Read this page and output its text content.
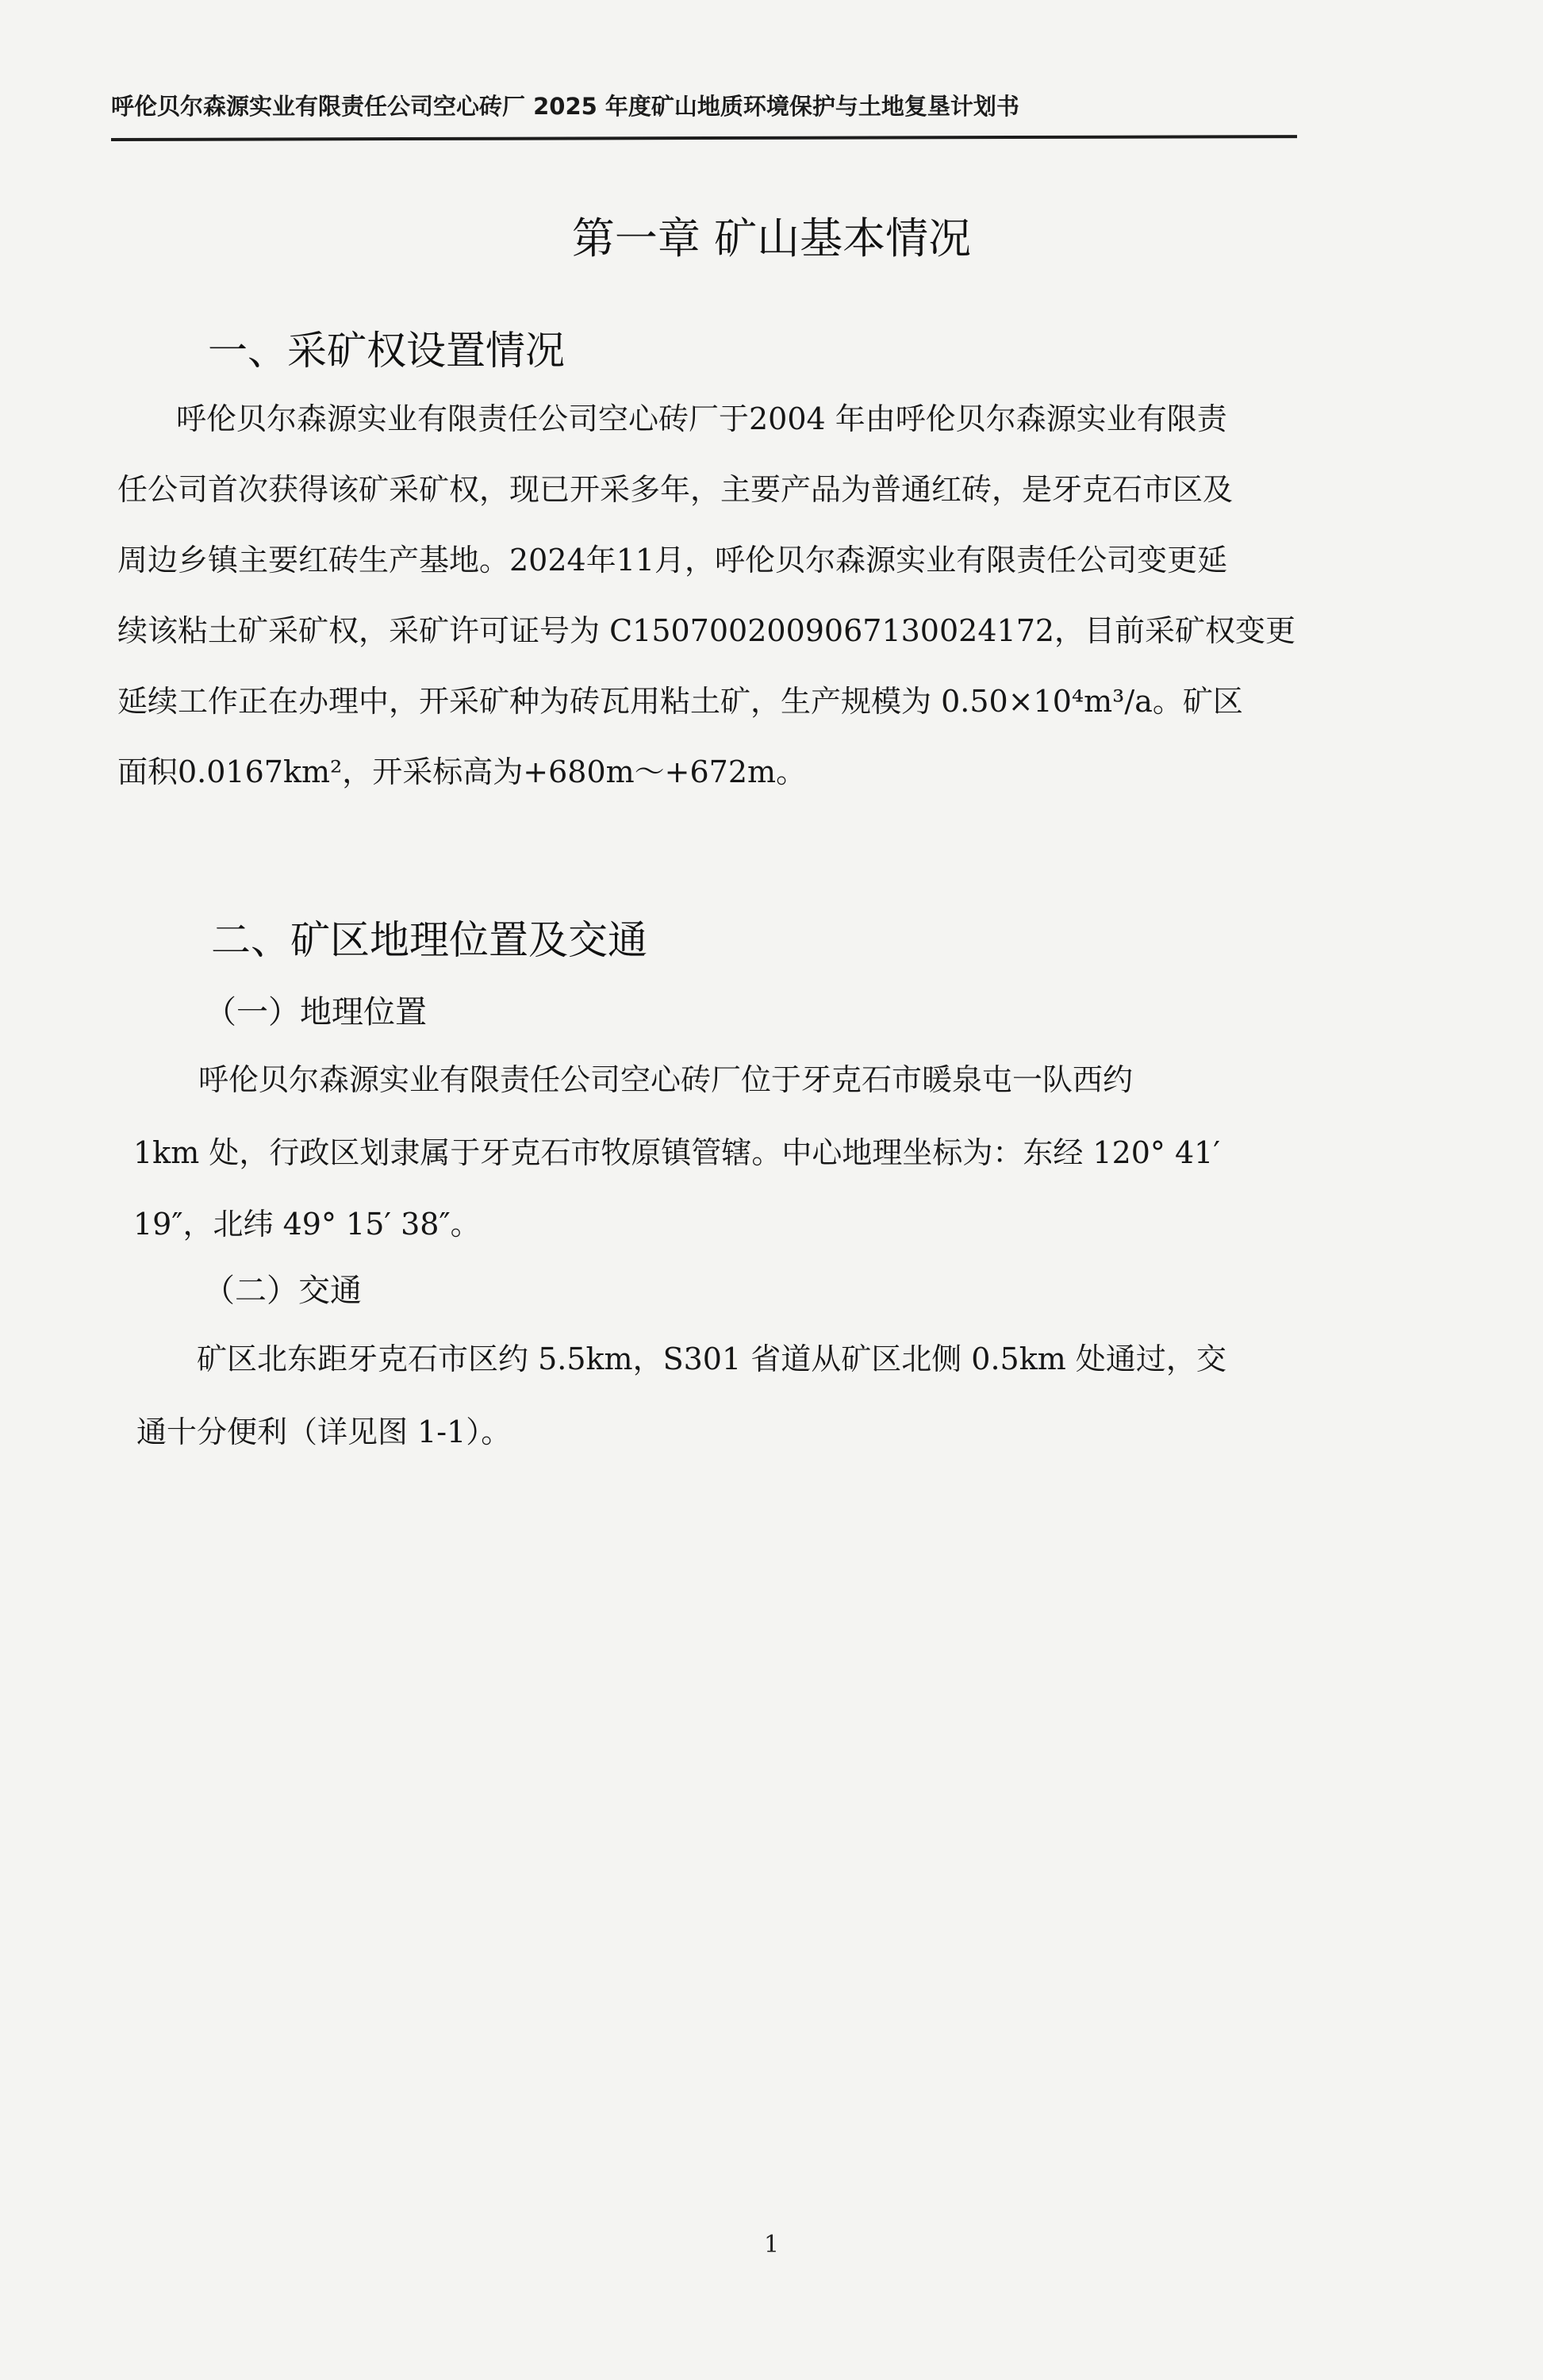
呼伦贝尔森源实业有限责任公司空心砖厂 2025 年度矿山地质环境保护与土地复垦计划书
第一章 矿山基本情况
一、采矿权设置情况
呼伦贝尔森源实业有限责任公司空心砖厂于2004 年由呼伦贝尔森源实业有限责
任公司首次获得该矿采矿权，现已开采多年，主要产品为普通红砖，是牙克石市区及
周边乡镇主要红砖生产基地。2024年11月，呼伦贝尔森源实业有限责任公司变更延
续该粘土矿采矿权，采矿许可证号为 C1507002009067130024172，目前采矿权变更
延续工作正在办理中，开采矿种为砖瓦用粘土矿，生产规模为 0.50×10⁴m³/a。矿区
面积0.0167km²，开采标高为+680m～+672m。
二、矿区地理位置及交通
（一）地理位置
呼伦贝尔森源实业有限责任公司空心砖厂位于牙克石市暖泉屯一队西约
1km 处，行政区划隶属于牙克石市牧原镇管辖。中心地理坐标为：东经 120° 41′
19″，北纬 49° 15′ 38″。
（二）交通
矿区北东距牙克石市区约 5.5km，S301 省道从矿区北侧 0.5km 处通过，交
通十分便利（详见图 1-1）。
1
